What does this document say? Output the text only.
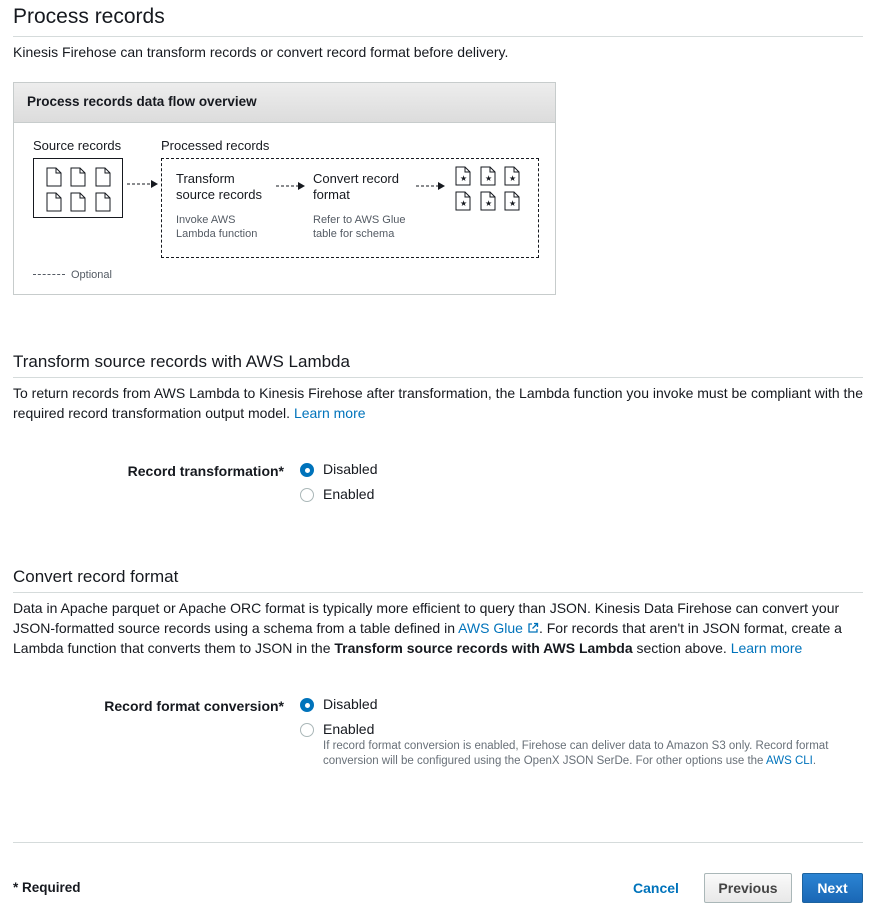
Process records
Kinesis Firehose can transform records or convert record format before delivery.
Process records data flow overview
Source records	Processed records
Transform
source records
Invoke AWS
Lambda function
Convert record
format
Refer to AWS Glue
table for schema
★ ★ ★
★ ★ ★
Optional
Transform source records with AWS Lambda
To return records from AWS Lambda to Kinesis Firehose after transformation, the Lambda function you invoke must be compliant with the required record transformation output model. Learn more
Record transformation*	Disabled
Enabled
Convert record format
Data in Apache parquet or Apache ORC format is typically more efficient to query than JSON. Kinesis Data Firehose can convert your JSON-formatted source records using a schema from a table defined in AWS Glue . For records that aren't in JSON format, create a Lambda function that converts them to JSON in the Transform source records with AWS Lambda section above. Learn more
Record format conversion*	Disabled
Enabled
If record format conversion is enabled, Firehose can deliver data to Amazon S3 only. Record format conversion will be configured using the OpenX JSON SerDe. For other options use the AWS CLI.
* Required	Cancel	Previous	Next
